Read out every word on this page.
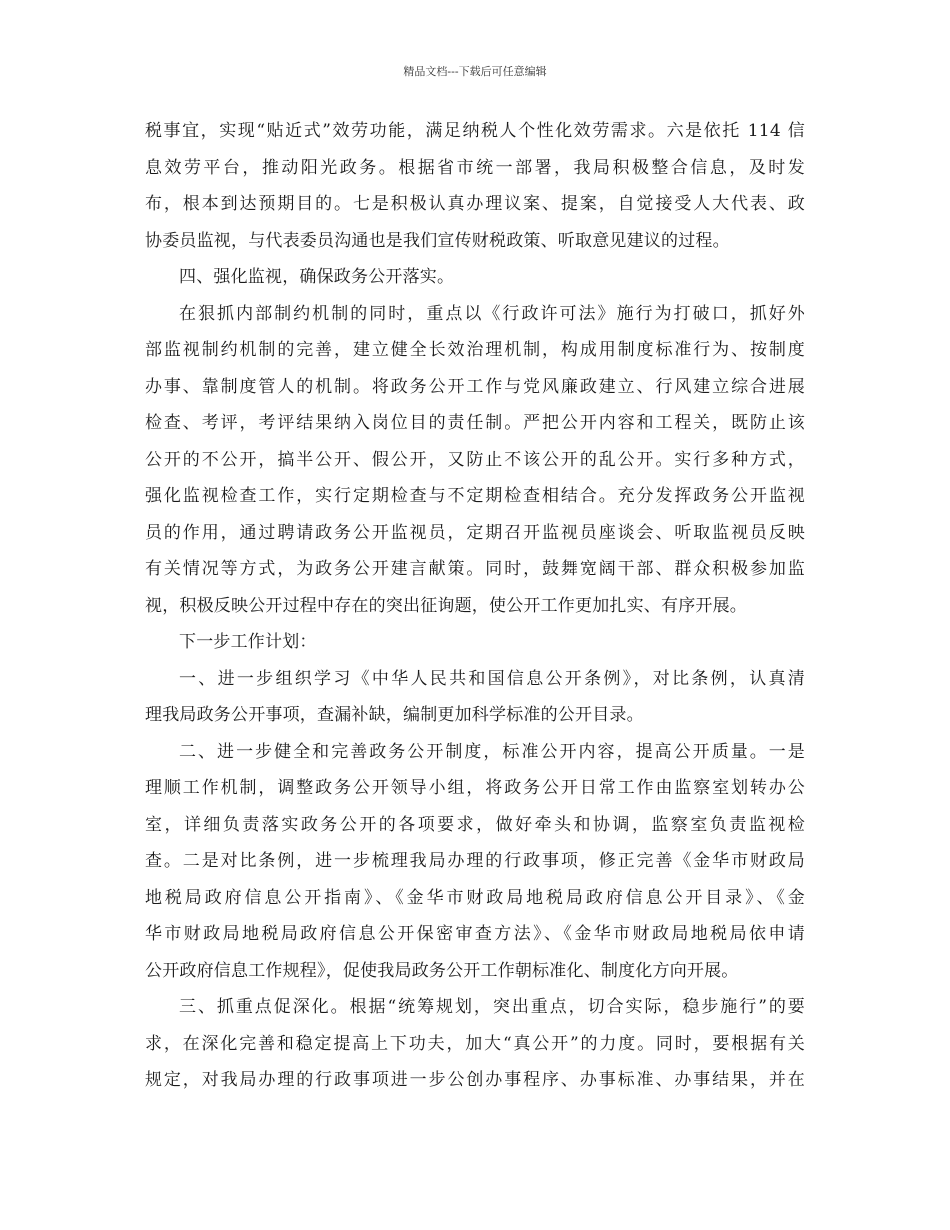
精品文档---下载后可任意编辑
税事宜，实现“贴近式”效劳功能，满足纳税人个性化效劳需求。六是依托 114 信
息效劳平台，推动阳光政务。根据省市统一部署，我局积极整合信息，及时发
布，根本到达预期目的。七是积极认真办理议案、提案，自觉接受人大代表、政
协委员监视，与代表委员沟通也是我们宣传财税政策、听取意见建议的过程。
四、强化监视，确保政务公开落实。
在狠抓内部制约机制的同时，重点以《行政许可法》施行为打破口，抓好外
部监视制约机制的完善，建立健全长效治理机制，构成用制度标准行为、按制度
办事、靠制度管人的机制。将政务公开工作与党风廉政建立、行风建立综合进展
检查、考评，考评结果纳入岗位目的责任制。严把公开内容和工程关，既防止该
公开的不公开，搞半公开、假公开，又防止不该公开的乱公开。实行多种方式，
强化监视检查工作，实行定期检查与不定期检查相结合。充分发挥政务公开监视
员的作用，通过聘请政务公开监视员，定期召开监视员座谈会、听取监视员反映
有关情况等方式，为政务公开建言献策。同时，鼓舞宽阔干部、群众积极参加监
视，积极反映公开过程中存在的突出征询题，使公开工作更加扎实、有序开展。
下一步工作计划：
一、进一步组织学习《中华人民共和国信息公开条例》，对比条例，认真清
理我局政务公开事项，查漏补缺，编制更加科学标准的公开目录。
二、进一步健全和完善政务公开制度，标准公开内容，提高公开质量。一是
理顺工作机制，调整政务公开领导小组，将政务公开日常工作由监察室划转办公
室，详细负责落实政务公开的各项要求，做好牵头和协调，监察室负责监视检
查。二是对比条例，进一步梳理我局办理的行政事项，修正完善《金华市财政局
地税局政府信息公开指南》、《金华市财政局地税局政府信息公开目录》、《金
华市财政局地税局政府信息公开保密审查方法》、《金华市财政局地税局依申请
公开政府信息工作规程》，促使我局政务公开工作朝标准化、制度化方向开展。
三、抓重点促深化。根据“统筹规划，突出重点，切合实际，稳步施行”的要
求，在深化完善和稳定提高上下功夫，加大“真公开”的力度。同时，要根据有关
规定，对我局办理的行政事项进一步公创办事程序、办事标准、办事结果，并在
